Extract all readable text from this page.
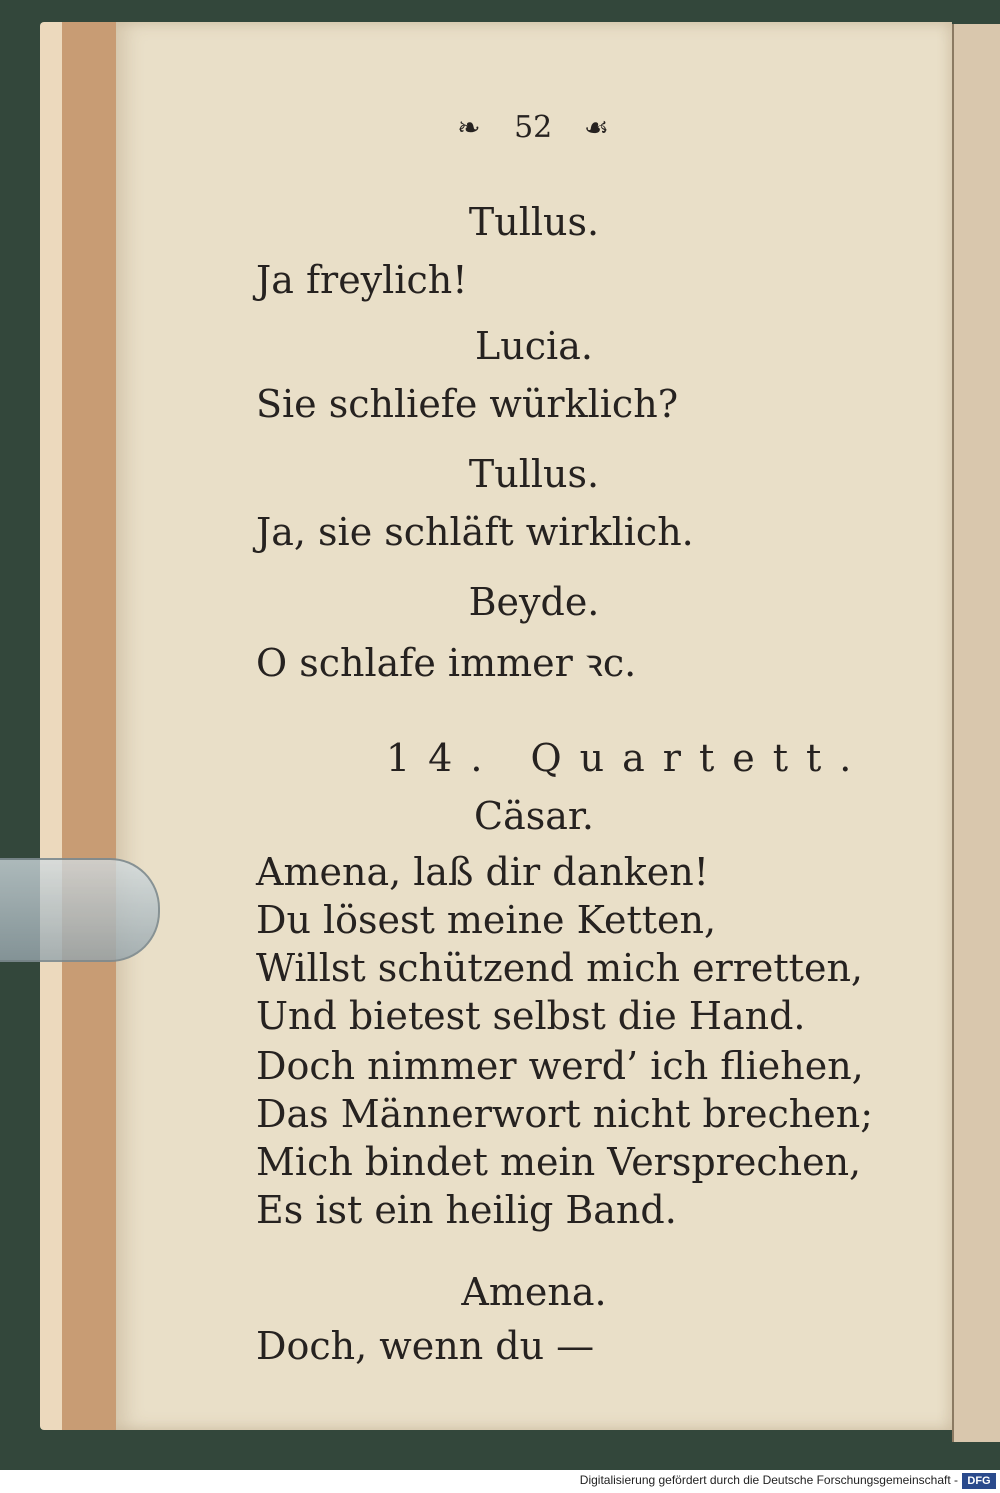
❧ 52 ☙
Tullus.
Ja freylich!
Lucia.
Sie schliefe würklich?
Tullus.
Ja, sie schläft wirklich.
Beyde.
O schlafe immer ꝛc.
14. Quartett.
Cäsar.
Amena, laß dir danken!
Du lösest meine Ketten,
Willst schützend mich erretten,
Und bietest selbst die Hand.
Doch nimmer werd’ ich fliehen,
Das Männerwort nicht brechen;
Mich bindet mein Versprechen,
Es ist ein heilig Band.
Amena.
Doch, wenn du —
Digitalisierung gefördert durch die Deutsche Forschungsgemeinschaft - DFG
